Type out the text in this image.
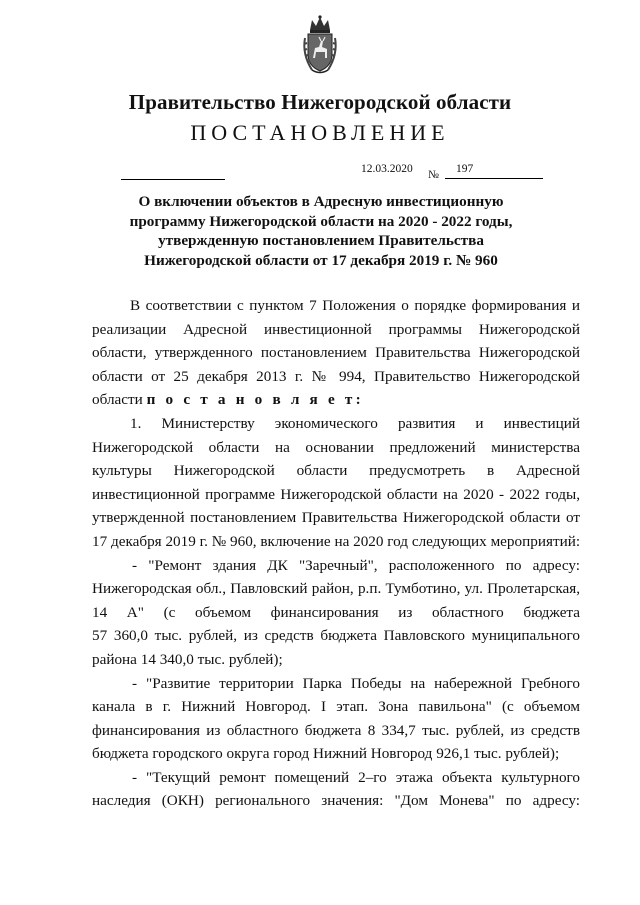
Правительство Нижегородской области
ПОСТАНОВЛЕНИЕ
12.03.2020 № 197
О включении объектов в Адресную инвестиционную
программу Нижегородской области на 2020 - 2022 годы,
утвержденную постановлением Правительства
Нижегородской области от 17 декабря 2019 г. № 960
В соответствии с пунктом 7 Положения о порядке формирования и
реализации Адресной инвестиционной программы Нижегородской
области, утвержденного постановлением Правительства Нижегородской
области от 25 декабря 2013 г. № 994, Правительство Нижегородской
области п о с т а н о в л я е т:
1. Министерству экономического развития и инвестиций
Нижегородской области на основании предложений министерства
культуры Нижегородской области предусмотреть в Адресной
инвестиционной программе Нижегородской области на 2020 - 2022 годы,
утвержденной постановлением Правительства Нижегородской области от
17 декабря 2019 г. № 960, включение на 2020 год следующих мероприятий:
- "Ремонт здания ДК "Заречный", расположенного по адресу:
Нижегородская обл., Павловский район, р.п. Тумботино, ул. Пролетарская,
14 А" (с объемом финансирования из областного бюджета
57 360,0 тыс. рублей, из средств бюджета Павловского муниципального
района 14 340,0 тыс. рублей);
- "Развитие территории Парка Победы на набережной Гребного
канала в г. Нижний Новгород. I этап. Зона павильона" (с объемом
финансирования из областного бюджета 8 334,7 тыс. рублей, из средств
бюджета городского округа город Нижний Новгород 926,1 тыс. рублей);
- "Текущий ремонт помещений 2–го этажа объекта культурного
наследия (ОКН) регионального значения: "Дом Монева" по адресу:
